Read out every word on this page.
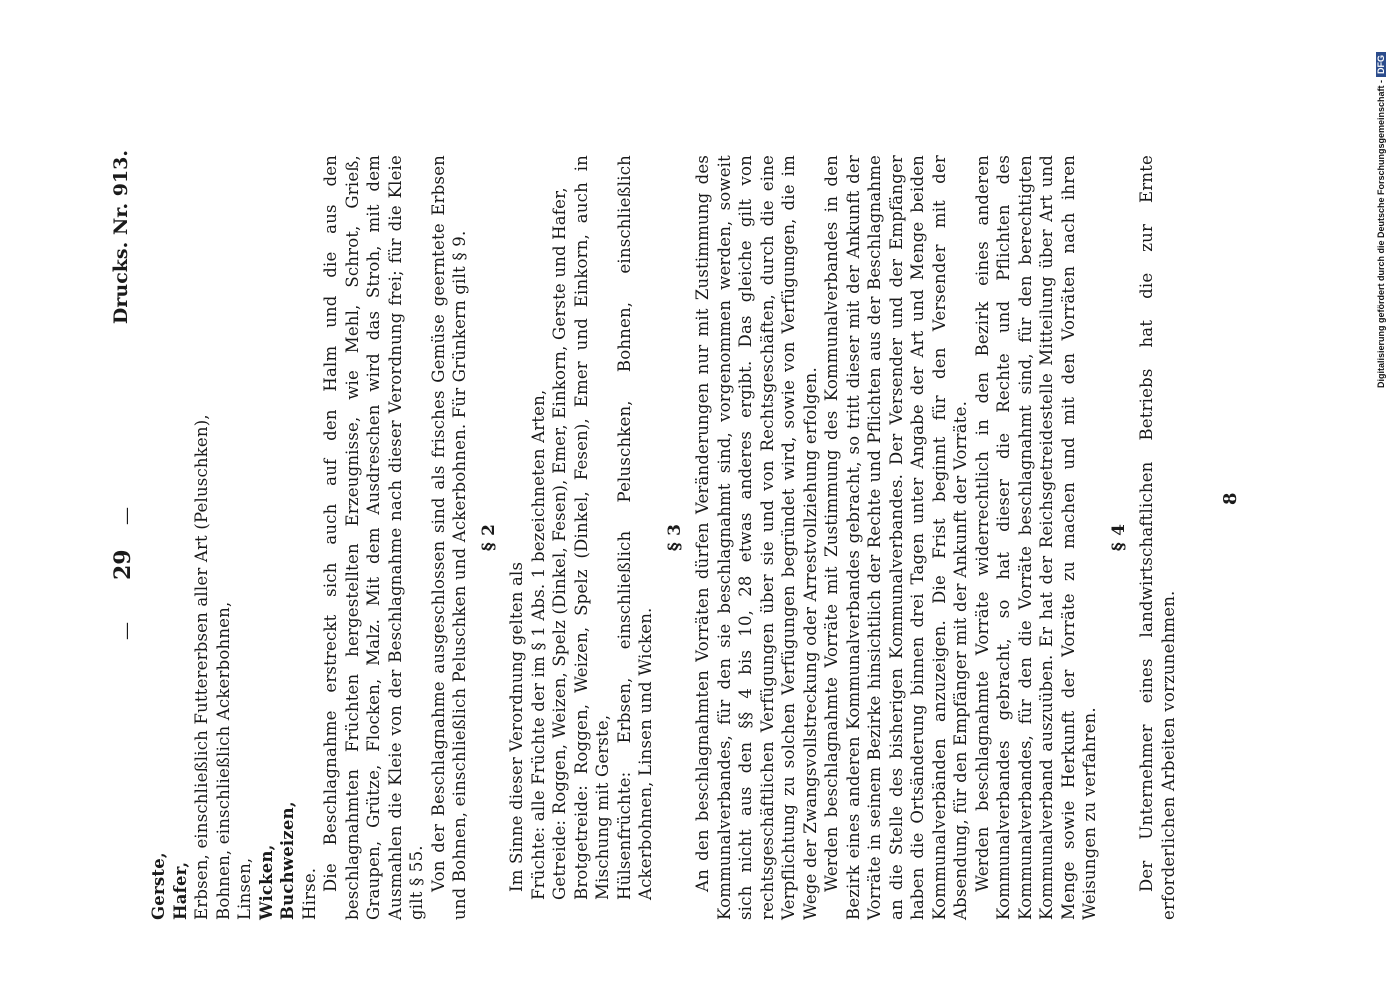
—
29
—
Drucks. Nr. 913.
Gerste, Hafer, Erbsen, einschließlich Futtererbsen aller Art (Peluschken), Bohnen, einschließlich Ackerbohnen, Linsen, Wicken, Buchweizen, Hirse.

Die Beschlagnahme erstreckt sich auch auf den Halm und die aus den beschlagnahmten Früchten hergestellten Erzeugnisse, wie Mehl, Schrot, Grieß, Graupen, Grütze, Flocken, Malz. Mit dem Ausdreschen wird das Stroh, mit dem Ausmahlen die Kleie von der Beschlagnahme nach dieser Verordnung frei; für die Kleie gilt § 55. Von der Beschlagnahme ausgeschlossen sind als frisches Gemüse geerntete Erbsen und Bohnen, einschließlich Peluschken und Ackerbohnen. Für Grünkern gilt § 9. § 2

Im Sinne dieser Verordnung gelten als Früchte: alle Früchte der im § 1 Abs. 1 bezeichneten Arten, Getreide: Roggen, Weizen, Spelz (Dinkel, Fesen), Emer, Einkorn, Gerste und Hafer, Brotgetreide: Roggen, Weizen, Spelz (Dinkel, Fesen), Emer und Einkorn, auch in Mischung mit Gerste, Hülsenfrüchte: Erbsen, einschließlich Peluschken, Bohnen, einschließlich Ackerbohnen, Linsen und Wicken.

§ 3 An den beschlagnahmten Vorräten dürfen Veränderungen nur mit Zustimmung des Kommunalverbandes, für den sie beschlagnahmt sind, vorgenommen werden, soweit sich nicht aus den §§ 4 bis 10, 28 etwas anderes ergibt. Das gleiche gilt von rechtsgeschäftlichen Verfügungen über sie und von Rechtsgeschäften, durch die eine Verpflichtung zu solchen Verfügungen begründet wird, sowie von Verfügungen, die im Wege der Zwangsvollstreckung oder Arrestvollziehung erfolgen. Werden beschlagnahmte Vorräte mit Zustimmung des Kommunalverbandes in den Bezirk eines anderen Kommunalverbandes gebracht, so tritt dieser mit der Ankunft der Vorräte in seinem Bezirke hinsichtlich der Rechte und Pflichten aus der Beschlagnahme an die Stelle des bisherigen Kommunalverbandes. Der Versender und der Empfänger haben die Ortsänderung binnen drei Tagen unter Angabe der Art und Menge beiden Kommunalverbänden anzuzeigen. Die Frist beginnt für den Versender mit der Absendung, für den Empfänger mit der Ankunft der Vorräte. Werden beschlagnahmte Vorräte widerrechtlich in den Bezirk eines anderen Kommunalverbandes gebracht, so hat dieser die Rechte und Pflichten des Kommunalverbandes, für den die Vorräte beschlagnahmt sind, für den berechtigten Kommunalverband auszuüben. Er hat der Reichsgetreidestelle Mitteilung über Art und Menge sowie Herkunft der Vorräte zu machen und mit den Vorräten nach ihren Weisungen zu verfahren.

§ 4 Der Unternehmer eines landwirtschaftlichen Betriebs hat die zur Ernte erforderlichen Arbeiten vorzunehmen.

8
Digitalisierung gefördert durch die Deutsche Forschungsgemeinschaft -DFG
